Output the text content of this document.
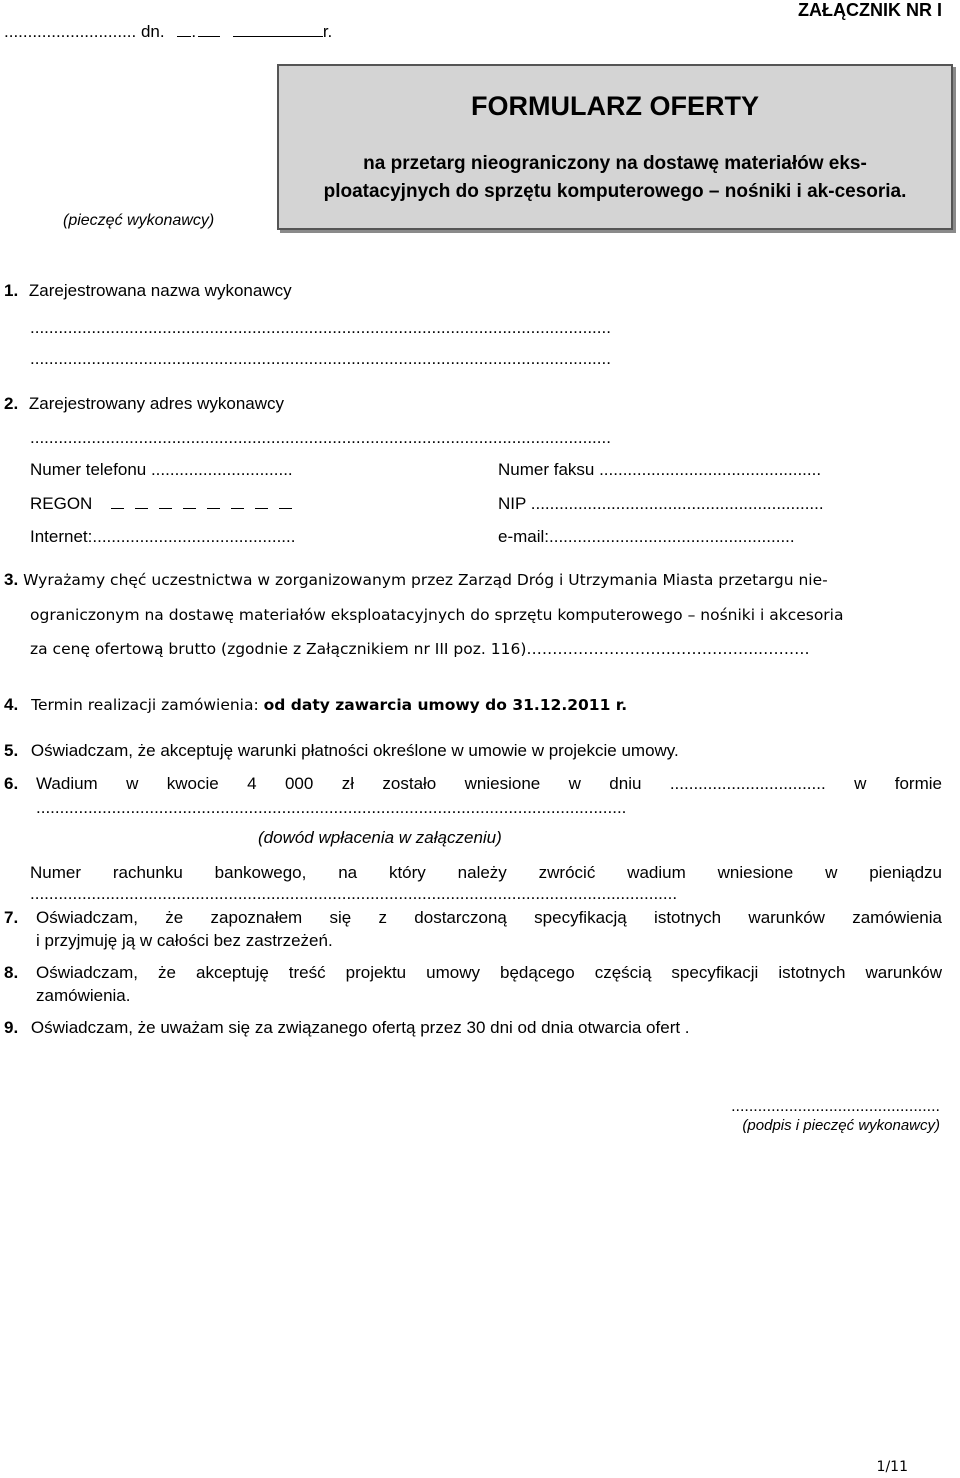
............................ dn. .	r.
ZAŁĄCZNIK NR I
(pieczęć wykonawcy)
FORMULARZ OFERTY
na przetarg nieograniczony na dostawę materiałów eks-ploatacyjnych do sprzętu komputerowego – nośniki i ak-cesoria.
1. Zarejestrowana nazwa wykonawcy
...........................................................................................................................
...........................................................................................................................
2. Zarejestrowany adres wykonawcy
...........................................................................................................................
Numer telefonu ..............................	Numer faksu ...............................................
REGON	NIP ..............................................................
Internet:...........................................	e-mail:....................................................
3. Wyrażamy chęć uczestnictwa w zorganizowanym przez Zarząd Dróg i Utrzymania Miasta przetargu nie-
ograniczonym na dostawę materiałów eksploatacyjnych do sprzętu komputerowego – nośniki i akcesoria
za cenę ofertową brutto (zgodnie z Załącznikiem nr III poz. 116)……………………….……………...………
4. Termin realizacji zamówienia: od daty zawarcia umowy do 31.12.2011 r.
5. Oświadczam, że akceptuję warunki płatności określone w umowie w projekcie umowy.
6. Wadium w kwocie 4 000 zł zostało wniesione w dniu ................................. w formie
.............................................................................................................................
(dowód wpłacenia w załączeniu)
Numer rachunku bankowego, na który należy zwrócić wadium wniesione w pieniądzu
.........................................................................................................................................
7. Oświadczam, że zapoznałem się z dostarczoną specyfikacją istotnych warunków zamówienia
i przyjmuję ją w całości bez zastrzeżeń.
8. Oświadczam, że akceptuję treść projektu umowy będącego częścią specyfikacji istotnych warunków
zamówienia.
9. Oświadczam, że uważam się za związanego ofertą przez 30 dni od dnia otwarcia ofert .
...............................................
(podpis i pieczęć wykonawcy)
1/11
